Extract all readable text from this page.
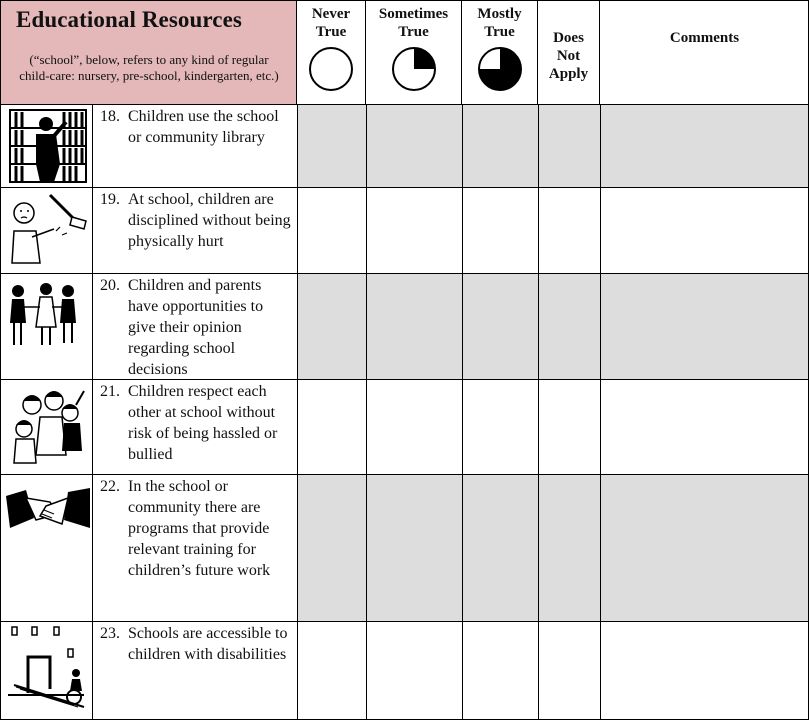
Educational Resources

(“school”, below, refers to any kind of regular child-care: nursery, pre-school, kindergarten, etc.)

Never True
Sometimes True
Mostly True	Does Not Apply
Comments
18. Children use the school or community library
19. At school, children are disciplined without being physically hurt
20. Children and parents have opportunities to give their opinion regarding school decisions
21. Children respect each other at school without risk of being hassled or bullied
22. In the school or community there are programs that provide relevant training for children’s future work
23. Schools are accessible to children with disabilities
